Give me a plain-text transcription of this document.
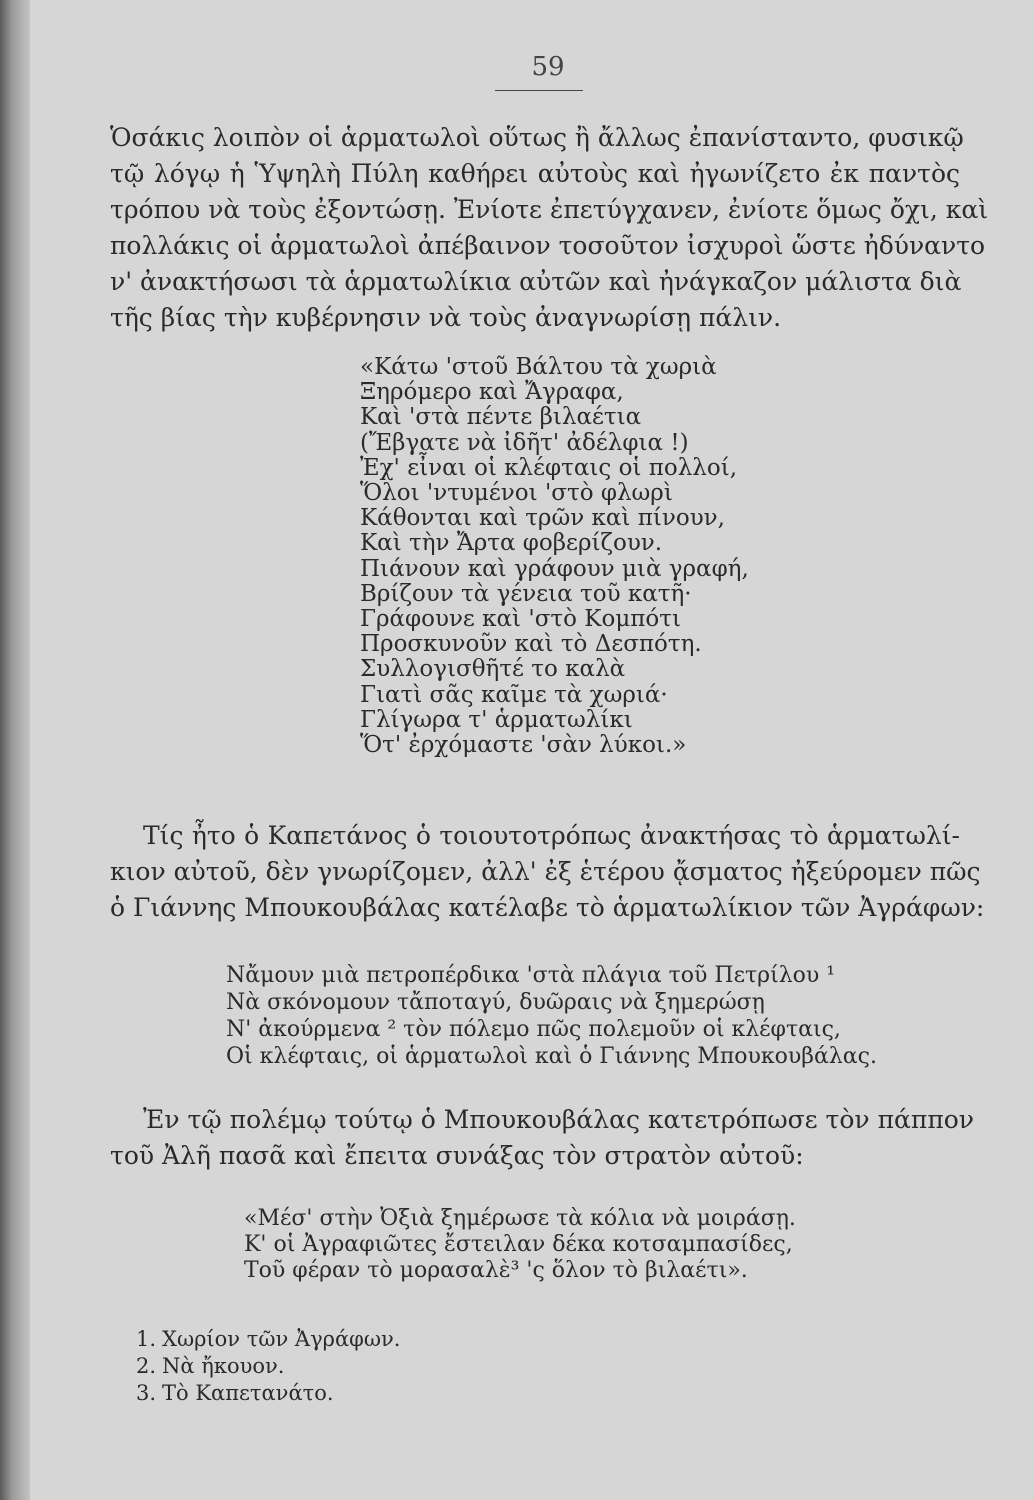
59
Ὁσάκις λοιπὸν οἱ ἁρματωλοὶ οὕτως ἢ ἄλλως ἐπανίσταντο, φυσικῷ
τῷ λόγῳ ἡ Ὑψηλὴ Πύλη καθήρει αὐτοὺς καὶ ἠγωνίζετο ἐκ παντὸς
τρόπου νὰ τοὺς ἐξοντώσῃ. Ἐνίοτε ἐπετύγχανεν, ἐνίοτε ὅμως ὄχι, καὶ
πολλάκις οἱ ἁρματωλοὶ ἀπέβαινον τοσοῦτον ἰσχυροὶ ὥστε ἠδύναντο
ν' ἀνακτήσωσι τὰ ἁρματωλίκια αὐτῶν καὶ ἠνάγκαζον μάλιστα διὰ
τῆς βίας τὴν κυβέρνησιν νὰ τοὺς ἀναγνωρίσῃ πάλιν.
«Κάτω 'στοῦ Βάλτου τὰ χωριὰ
Ξηρόμερο καὶ Ἄγραφα,
Καὶ 'στὰ πέντε βιλαέτια
(Ἔβγατε νὰ ἰδῆτ' ἀδέλφια !)
Ἐχ' εἶναι οἱ κλέφταις οἱ πολλοί,
Ὅλοι 'ντυμένοι 'στὸ φλωρὶ
Κάθονται καὶ τρῶν καὶ πίνουν,
Καὶ τὴν Ἄρτα φοβερίζουν.
Πιάνουν καὶ γράφουν μιὰ γραφή,
Βρίζουν τὰ γένεια τοῦ κατῆ·
Γράφουνε καὶ 'στὸ Κομπότι
Προσκυνοῦν καὶ τὸ Δεσπότη.
Συλλογισθῆτέ το καλὰ
Γιατὶ σᾶς καῖμε τὰ χωριά·
Γλίγωρα τ' ἁρματωλίκι
Ὅτ' ἐρχόμαστε 'σὰν λύκοι.»
Τίς ἦτο ὁ Καπετάνος ὁ τοιουτοτρόπως ἀνακτήσας τὸ ἁρματωλί-
κιον αὐτοῦ, δὲν γνωρίζομεν, ἀλλ' ἐξ ἑτέρου ᾄσματος ἠξεύρομεν πῶς
ὁ Γιάννης Μπουκουβάλας κατέλαβε τὸ ἁρματωλίκιον τῶν Ἀγράφων:
Νἄμουν μιὰ πετροπέρδικα 'στὰ πλάγια τοῦ Πετρίλου ¹
Νὰ σκόνομουν τἄποταγύ, δυῶραις νὰ ξημερώσῃ
Ν' ἀκούρμενα ² τὸν πόλεμο πῶς πολεμοῦν οἱ κλέφταις,
Οἱ κλέφταις, οἱ ἁρματωλοὶ καὶ ὁ Γιάννης Μπουκουβάλας.
Ἐν τῷ πολέμῳ τούτῳ ὁ Μπουκουβάλας κατετρόπωσε τὸν πάππον
τοῦ Ἀλῆ πασᾶ καὶ ἔπειτα συνάξας τὸν στρατὸν αὐτοῦ:
«Μέσ' στὴν Ὀξιὰ ξημέρωσε τὰ κόλια νὰ μοιράσῃ.
Κ' οἱ Ἀγραφιῶτες ἔστειλαν δέκα κοτσαμπασίδες,
Τοῦ φέραν τὸ μορασαλὲ³ 'ς ὅλον τὸ βιλαέτι».
1. Χωρίον τῶν Ἀγράφων.
2. Νὰ ἤκουον.
3. Τὸ Καπετανάτο.
